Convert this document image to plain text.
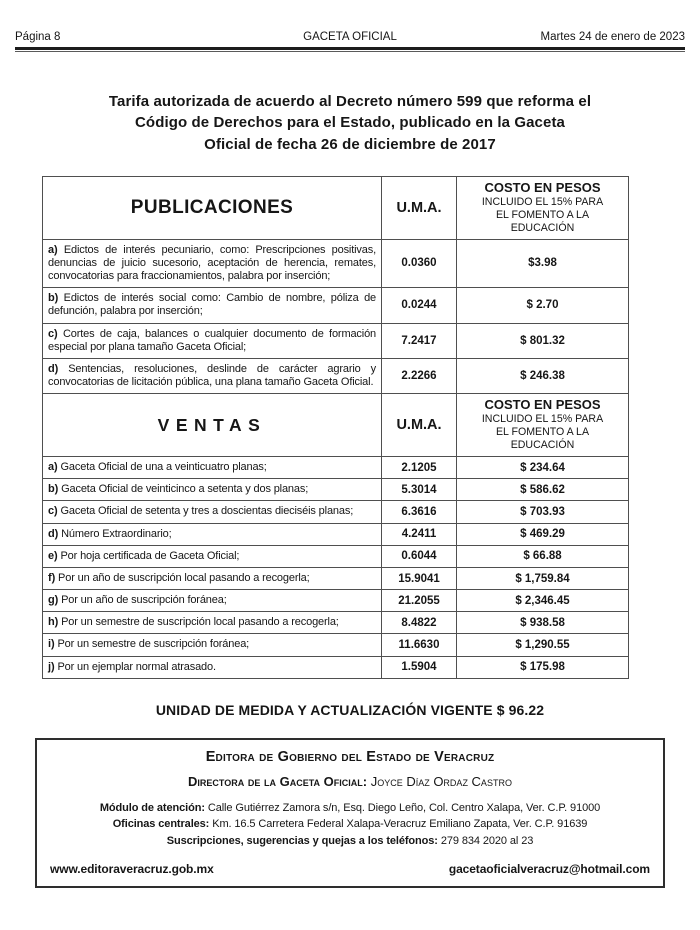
Página 8	GACETA OFICIAL	Martes 24 de enero de 2023
Tarifa autorizada de acuerdo al Decreto número 599 que reforma el
Código de Derechos para el Estado, publicado en la Gaceta
Oficial de fecha 26 de diciembre de 2017
PUBLICACIONES	U.M.A.	COSTO EN PESOS
INCLUIDO EL 15% PARA
EL FOMENTO A LA
EDUCACIÓN

a) Edictos de interés pecuniario, como: Prescripciones positivas, denuncias de juicio sucesorio, aceptación de herencia, remates, convocatorias para fraccionamientos, palabra por inserción;	0.0360	$3.98
b) Edictos de interés social como: Cambio de nombre, póliza de defunción, palabra por inserción;	0.0244	$ 2.70
c) Cortes de caja, balances o cualquier documento de formación especial por plana tamaño Gaceta Oficial;	7.2417	$ 801.32
d) Sentencias, resoluciones, deslinde de carácter agrario y convocatorias de licitación pública, una plana tamaño Gaceta Oficial.	2.2266	$ 246.38
VENTAS	U.M.A.	COSTO EN PESOS
INCLUIDO EL 15% PARA
EL FOMENTO A LA
EDUCACIÓN

a) Gaceta Oficial de una a veinticuatro planas;	2.1205	$ 234.64
b) Gaceta Oficial de veinticinco a setenta y dos planas;	5.3014	$ 586.62
c) Gaceta Oficial de setenta y tres a doscientas dieciséis planas;	6.3616	$ 703.93
d) Número Extraordinario;	4.2411	$ 469.29
e) Por hoja certificada de Gaceta Oficial;	0.6044	$ 66.88
f) Por un año de suscripción local pasando a recogerla;	15.9041	$ 1,759.84
g) Por un año de suscripción foránea;	21.2055	$ 2,346.45
h) Por un semestre de suscripción local pasando a recogerla;	8.4822	$ 938.58
i) Por un semestre de suscripción foránea;	11.6630	$ 1,290.55
j) Por un ejemplar normal atrasado.	1.5904	$ 175.98
UNIDAD DE MEDIDA Y ACTUALIZACIÓN VIGENTE $ 96.22
Editora de Gobierno del Estado de Veracruz
Directora de la Gaceta Oficial: Joyce Díaz Ordaz Castro
Módulo de atención: Calle Gutiérrez Zamora s/n, Esq. Diego Leño, Col. Centro Xalapa, Ver. C.P. 91000
Oficinas centrales: Km. 16.5 Carretera Federal Xalapa-Veracruz Emiliano Zapata, Ver. C.P. 91639
Suscripciones, sugerencias y quejas a los teléfonos: 279 834 2020 al 23
www.editoraveracruz.gob.mx	gacetaoficialveracruz@hotmail.com
